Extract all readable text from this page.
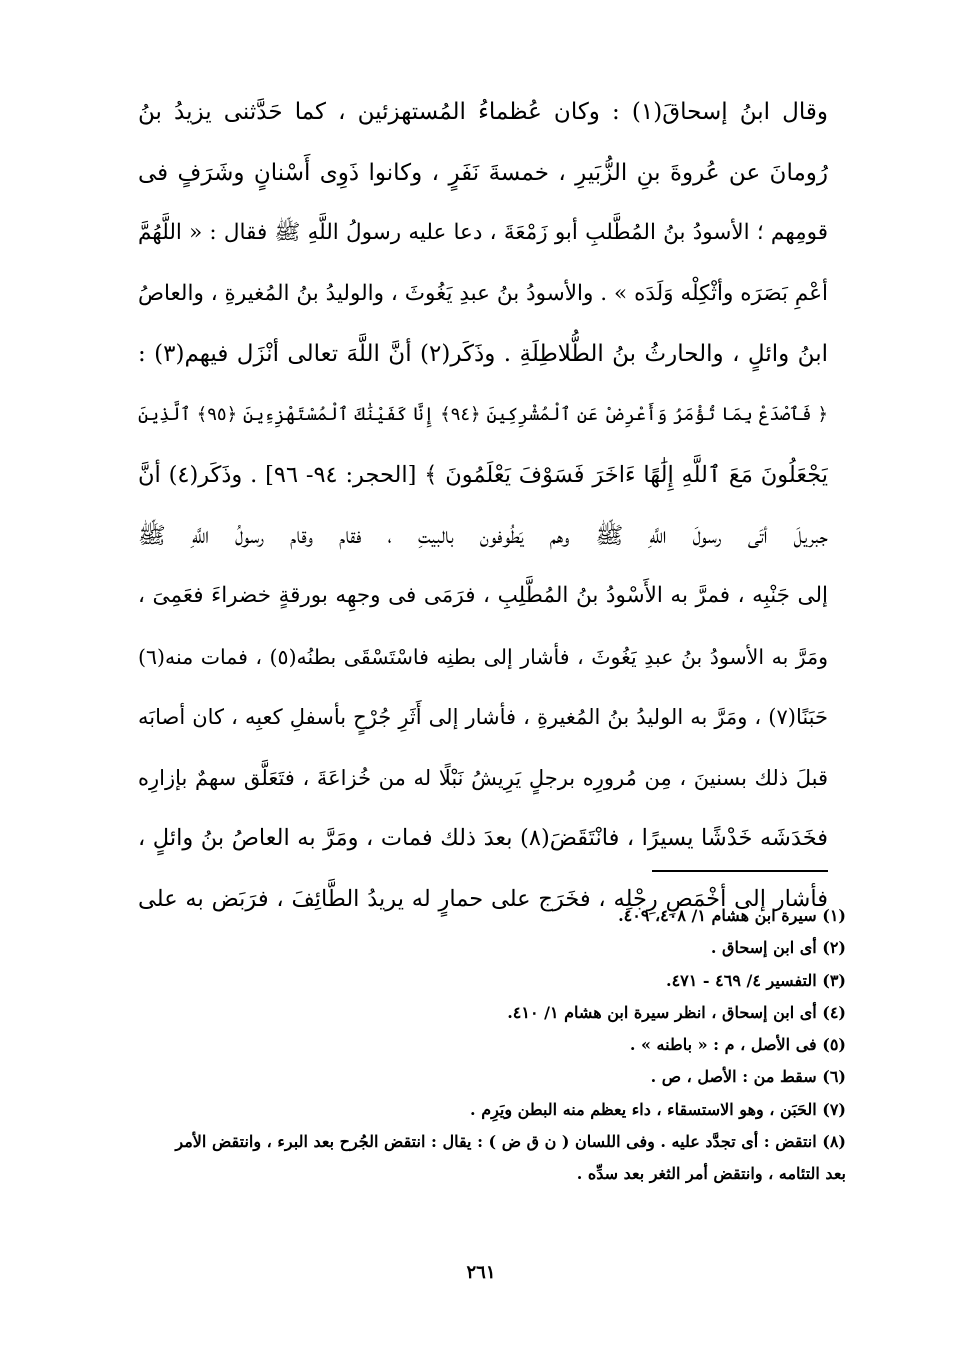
وقال ابنُ إسحاقَ(١) : وكان عُظماءُ المُستهزئين ، كما حَدَّثنى يزيدُ بنُ
رُومانَ عن عُروةَ بنِ الزُّبَيرِ ، خمسةَ نَفَرٍ ، وكانوا ذَوِى أَسْنانٍ وشَرَفٍ فى
قومِهم ؛ الأسودُ بنُ المُطَّلبِ أبو زَمْعَةَ ، دعا عليه رسولُ اللَّهِ ﷺ فقال : « اللَّهُمَّ
أعْمِ بَصَرَه وأثْكِلْه وَلَدَه » . والأسودُ بنُ عبدِ يَغُوثَ ، والوليدُ بنُ المُغيرةِ ، والعاصُ
ابنُ وائلٍ ، والحارثُ بنُ الطُّلاطِلَةِ . وذَكَر(٢) أنَّ اللَّهَ تعالى أنْزَل فيهم(٣) :
﴿ فَٱصْدَعْ بِمَا تُؤْمَرُ وَأَعْرِضْ عَنِ ٱلْمُشْرِكِينَ ﴿٩٤﴾ إِنَّا كَفَيْنَٰكَ ٱلْمُسْتَهْزِءِينَ ﴿٩٥﴾ ٱلَّذِينَ
يَجْعَلُونَ مَعَ ٱللَّهِ إِلَٰهًا ءَاخَرَ فَسَوْفَ يَعْلَمُونَ ﴾ [الحجر: ٩٤- ٩٦] . وذَكَر(٤) أنَّ
جبريلَ أتَى رسولَ اللَّهِ ﷺ وهم يَطُوفون بالبيتِ ، فقام وقام رسولُ اللَّهِ ﷺ
إلى جَنْبِه ، فمرَّ به الأَسْودُ بنُ المُطَّلِبِ ، فرَمَى فى وجهِه بورقةٍ خضراءَ فعَمِىَ ،
ومَرَّ به الأسودُ بنُ عبدِ يَغُوثَ ، فأشار إلى بطنِه فاسْتَسْقَى بطنُه(٥) ، فمات منه(٦)
حَبَنًا(٧) ، ومَرَّ به الوليدُ بنُ المُغيرةِ ، فأشار إلى أَثَرِ جُرْحٍ بأسفلِ كعبِه ، كان أصابَه
قبلَ ذلك بسنينَ ، مِن مُرورِه برجلٍ يَرِيشُ نَبْلًا له من خُزاعَةَ ، فتَعَلَّق سهمٌ بإزارِه
فخَدَشَه خَدْشًا يسيرًا ، فانْتَقَضَ(٨) بعدَ ذلك فمات ، ومَرَّ به العاصُ بنُ وائلٍ ،
فأشار إلى أخْمَصِ رِجْلِه ، فخَرَج على حمارٍ له يريدُ الطَّائِفَ ، فرَبَض به على
(١) سيرة ابن هشام ١/ ٤٠٨، ٤٠٩.
(٢) أى ابن إسحاق .
(٣) التفسير ٤/ ٤٦٩ - ٤٧١.
(٤) أى ابن إسحاق ، انظر سيرة ابن هشام ١/ ٤١٠.
(٥) فى الأصل ، م : « باطنه » .
(٦) سقط من : الأصل ، ص .
(٧) الحَبَن ، وهو الاستسقاء ، داء يعظم منه البطن ويَرِم .
(٨) انتقض : أى تجدَّد عليه . وفى اللسان ( ن ق ض ) : يقال : انتقض الجُرح بعد البرء ، وانتقض الأمر
بعد التئامه ، وانتقض أمر الثغر بعد سدِّه .
٢٦١
